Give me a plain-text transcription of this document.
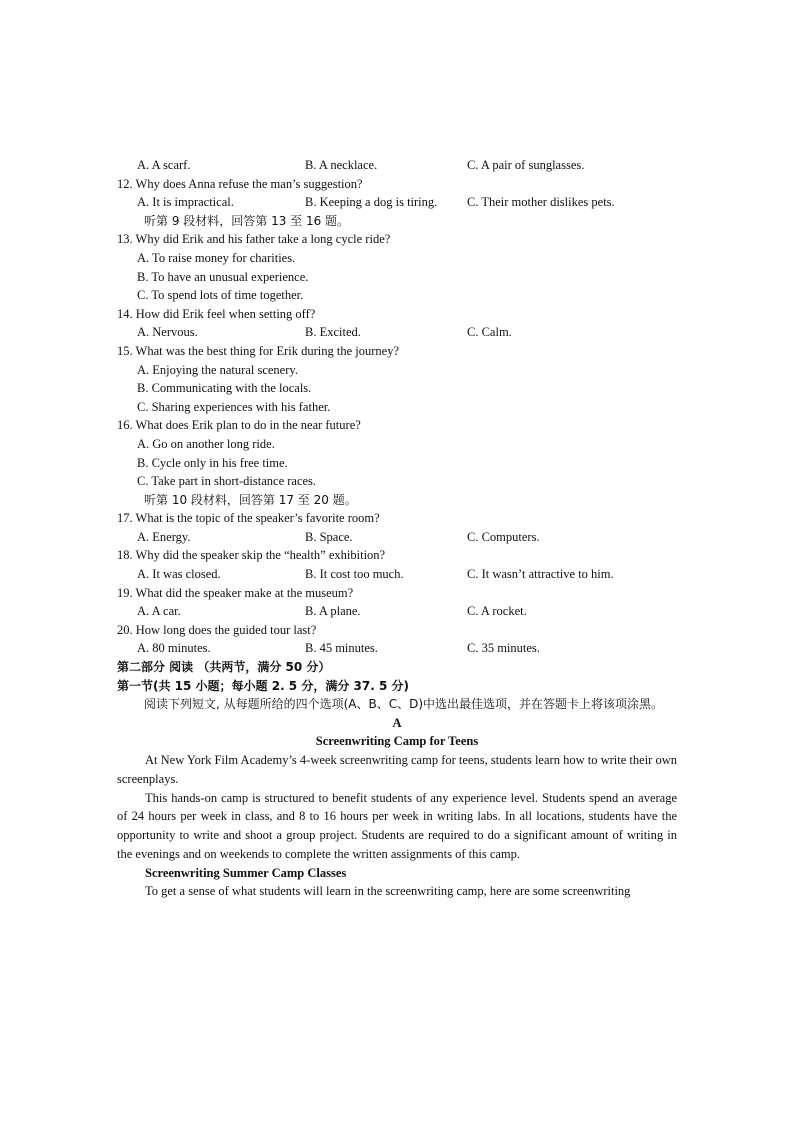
A. A scarf.	B. A necklace.	C. A pair of sunglasses.
12. Why does Anna refuse the man’s suggestion?
A. It is impractical.	B. Keeping a dog is tiring. C. Their mother dislikes pets.
听第 9 段材料，回答第 13 至 16 题。
13. Why did Erik and his father take a long cycle ride?
A. To raise money for charities.
B. To have an unusual experience.
C. To spend lots of time together.
14. How did Erik feel when setting off?
A. Nervous.	B. Excited.	C. Calm.
15. What was the best thing for Erik during the journey?
A. Enjoying the natural scenery.
B. Communicating with the locals.
C. Sharing experiences with his father.
16. What does Erik plan to do in the near future?
A. Go on another long ride.
B. Cycle only in his free time.
C. Take part in short-distance races.
听第 10 段材料，回答第 17 至 20 题。
17. What is the topic of the speaker’s favorite room?
A. Energy.	B. Space.	C. Computers.
18. Why did the speaker skip the “health” exhibition?
A. It was closed.	B. It cost too much.	C. It wasn’t attractive to him.
19. What did the speaker make at the museum?
A. A car.	B. A plane.	C. A rocket.
20. How long does the guided tour last?
A. 80 minutes.	B. 45 minutes.	C. 35 minutes.
第二部分 阅读 （共两节，满分 50 分）
第一节(共 15 小题；每小题 2. 5 分，满分 37. 5 分)
阅读下列短文, 从每题所给的四个选项(A、B、C、D)中选出最佳选项，并在答题卡上将该项涂黑。
A
Screenwriting Camp for Teens
At New York Film Academy’s 4-week screenwriting camp for teens, students learn how to write their own screenplays.
This hands-on camp is structured to benefit students of any experience level. Students spend an average of 24 hours per week in class, and 8 to 16 hours per week in writing labs. In all locations, students have the opportunity to write and shoot a group project. Students are required to do a significant amount of writing in the evenings and on weekends to complete the written assignments of this camp.
Screenwriting Summer Camp Classes
To get a sense of what students will learn in the screenwriting camp, here are some screenwriting
